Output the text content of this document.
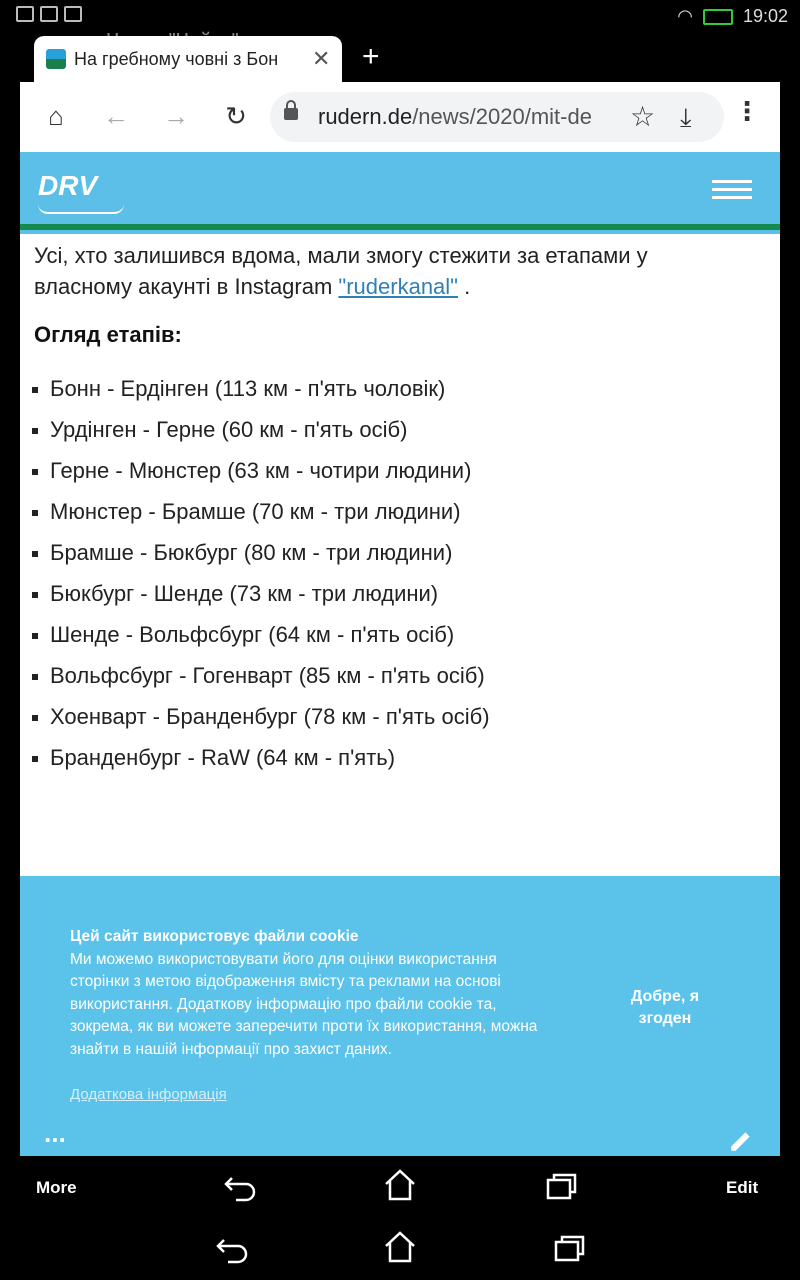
◠	19:02
На гребному човні з Бон	✕ +
⌂	← → ↻	rudern.de/news/2020/mit-de	☆ ⤓ ⋮
DRV
Усі, хто залишився вдома, мали змогу стежити за етапами у власному акаунті в Instagram "ruderkanal" .
Огляд етапів:
Бонн - Ердінген (113 км - п'ять чоловік)
Урдінген - Герне (60 км - п'ять осіб)
Герне - Мюнстер (63 км - чотири людини)
Мюнстер - Брамше (70 км - три людини)
Брамше - Бюкбург (80 км - три людини)
Бюкбург - Шенде (73 км - три людини)
Шенде - Вольфсбург (64 км - п'ять осіб)
Вольфсбург - Гогенварт (85 км - п'ять осіб)
Хоенварт - Бранденбург (78 км - п'ять осіб)
Бранденбург - RaW (64 км - п'ять)
Цей сайт використовує файли cookie
Ми можемо використовувати його для оцінки використання сторінки з метою відображення вмісту та реклами на основі використання. Додаткову інформацію про файли cookie та, зокрема, як ви можете заперечити проти їх використання, можна знайти в нашій інформації про захист даних.
Додаткова інформація
Добре, я згоден
...
More	Edit
